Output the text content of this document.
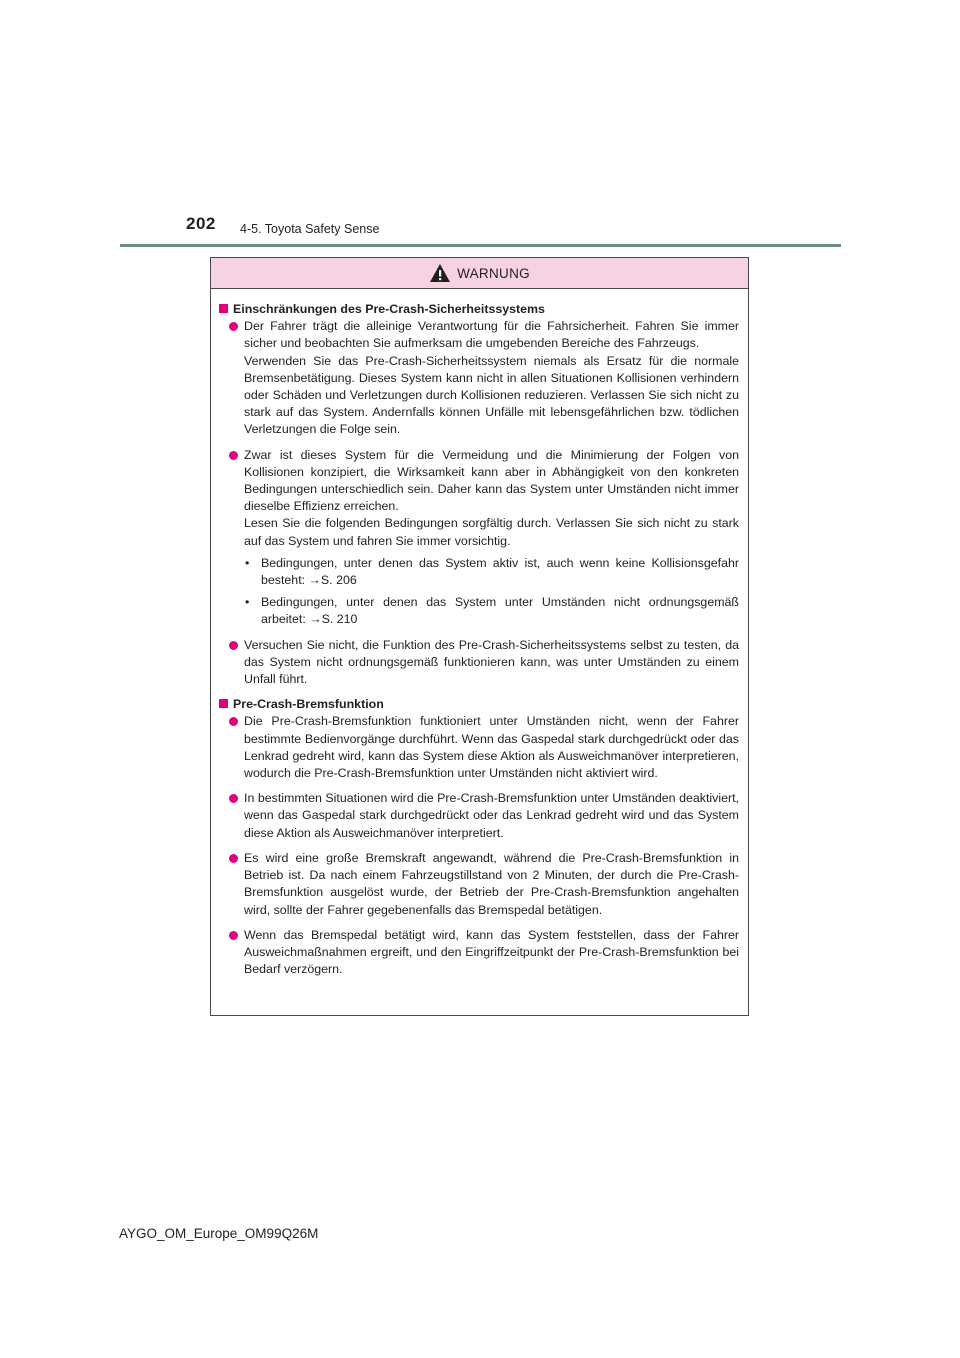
202 4-5. Toyota Safety Sense
WARNUNG
Einschränkungen des Pre-Crash-Sicherheitssystems

Der Fahrer trägt die alleinige Verantwortung für die Fahrsicherheit. Fahren Sie immer sicher und beobachten Sie aufmerksam die umgebenden Bereiche des Fahrzeugs.

Verwenden Sie das Pre-Crash-Sicherheitssystem niemals als Ersatz für die normale Bremsenbetätigung. Dieses System kann nicht in allen Situationen Kollisionen verhindern oder Schäden und Verletzungen durch Kollisionen reduzieren. Verlassen Sie sich nicht zu stark auf das System. Andernfalls können Unfälle mit lebensgefährlichen bzw. tödlichen Verletzungen die Folge sein.

Zwar ist dieses System für die Vermeidung und die Minimierung der Folgen von Kollisionen konzipiert, die Wirksamkeit kann aber in Abhängigkeit von den konkreten Bedingungen unterschiedlich sein. Daher kann das System unter Umständen nicht immer dieselbe Effizienz erreichen.

Lesen Sie die folgenden Bedingungen sorgfältig durch. Verlassen Sie sich nicht zu stark auf das System und fahren Sie immer vorsichtig.

• Bedingungen, unter denen das System aktiv ist, auch wenn keine Kollisionsgefahr besteht: →S. 206
• Bedingungen, unter denen das System unter Umständen nicht ordnungsgemäß arbeitet: →S. 210

Versuchen Sie nicht, die Funktion des Pre-Crash-Sicherheitssystems selbst zu testen, da das System nicht ordnungsgemäß funktionieren kann, was unter Umständen zu einem Unfall führt.

Pre-Crash-Bremsfunktion

Die Pre-Crash-Bremsfunktion funktioniert unter Umständen nicht, wenn der Fahrer bestimmte Bedienvorgänge durchführt. Wenn das Gaspedal stark durchgedrückt oder das Lenkrad gedreht wird, kann das System diese Aktion als Ausweichmanöver interpretieren, wodurch die Pre-Crash-Bremsfunktion unter Umständen nicht aktiviert wird.

In bestimmten Situationen wird die Pre-Crash-Bremsfunktion unter Umständen deaktiviert, wenn das Gaspedal stark durchgedrückt oder das Lenkrad gedreht wird und das System diese Aktion als Ausweichmanöver interpretiert.

Es wird eine große Bremskraft angewandt, während die Pre-Crash-Bremsfunktion in Betrieb ist. Da nach einem Fahrzeugstillstand von 2 Minuten, der durch die Pre-Crash-Bremsfunktion ausgelöst wurde, der Betrieb der Pre-Crash-Bremsfunktion angehalten wird, sollte der Fahrer gegebenenfalls das Bremspedal betätigen.

Wenn das Bremspedal betätigt wird, kann das System feststellen, dass der Fahrer Ausweichmaßnahmen ergreift, und den Eingriffzeitpunkt der Pre-Crash-Bremsfunktion bei Bedarf verzögern.

AYGO_OM_Europe_OM99Q26M
